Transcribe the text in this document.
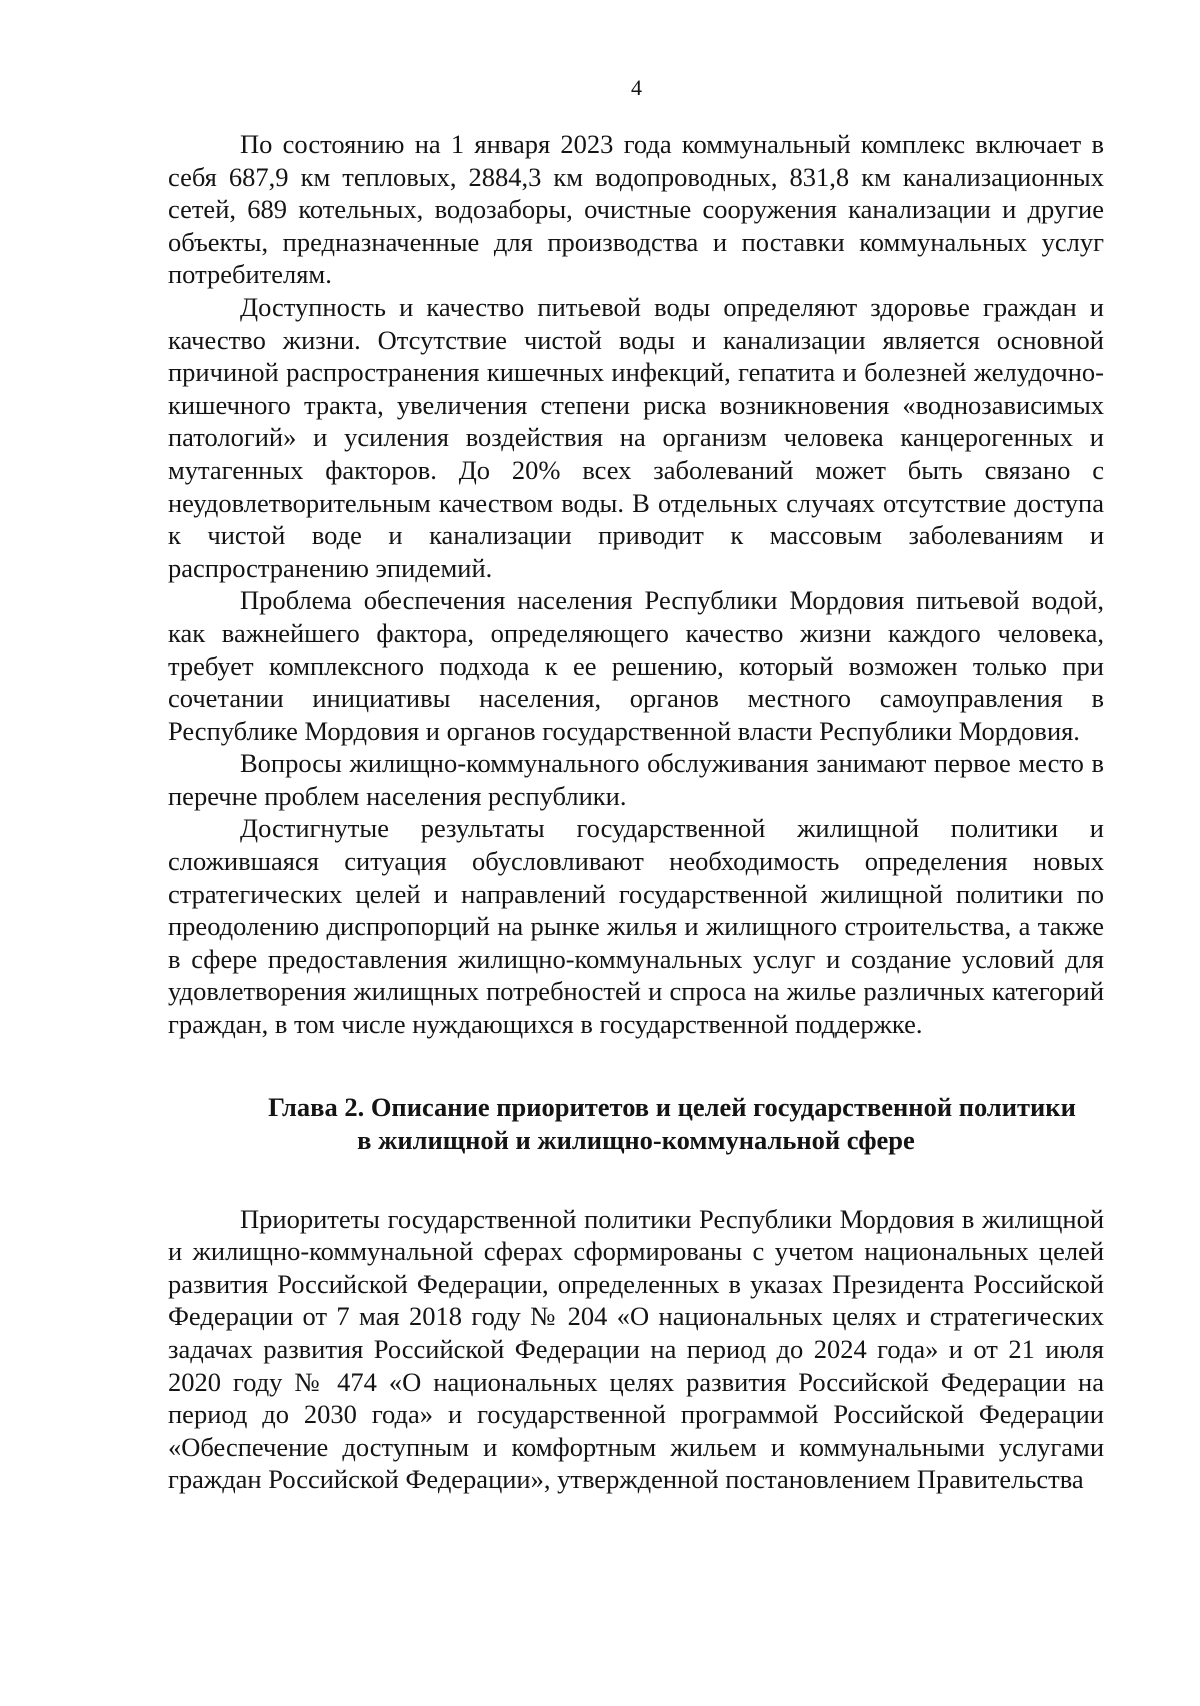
4

По состоянию на 1 января 2023 года коммунальный комплекс включает в себя 687,9 км тепловых, 2884,3 км водопроводных, 831,8 км канализационных сетей, 689 котельных, водозаборы, очистные сооружения канализации и другие объекты, предназначенные для производства и поставки коммунальных услуг потребителям.

Доступность и качество питьевой воды определяют здоровье граждан и качество жизни. Отсутствие чистой воды и канализации является основной причиной распространения кишечных инфекций, гепатита и болезней желудочно-кишечного тракта, увеличения степени риска возникновения «воднозависимых патологий» и усиления воздействия на организм человека канцерогенных и мутагенных факторов. До 20% всех заболеваний может быть связано с неудовлетворительным качеством воды. В отдельных случаях отсутствие доступа к чистой воде и канализации приводит к массовым заболеваниям и распространению эпидемий.

Проблема обеспечения населения Республики Мордовия питьевой водой, как важнейшего фактора, определяющего качество жизни каждого человека, требует комплексного подхода к ее решению, который возможен только при сочетании инициативы населения, органов местного самоуправления в Республике Мордовия и органов государственной власти Республики Мордовия.

Вопросы жилищно-коммунального обслуживания занимают первое место в перечне проблем населения республики.

Достигнутые результаты государственной жилищной политики и сложившаяся ситуация обусловливают необходимость определения новых стратегических целей и направлений государственной жилищной политики по преодолению диспропорций на рынке жилья и жилищного строительства, а также в сфере предоставления жилищно-коммунальных услуг и создание условий для удовлетворения жилищных потребностей и спроса на жилье различных категорий граждан, в том числе нуждающихся в государственной поддержке.

Глава 2. Описание приоритетов и целей государственной политики
в жилищной и жилищно-коммунальной сфере

Приоритеты государственной политики Республики Мордовия в жилищной и жилищно-коммунальной сферах сформированы с учетом национальных целей развития Российской Федерации, определенных в указах Президента Российской Федерации от 7 мая 2018 году № 204 «О национальных целях и стратегических задачах развития Российской Федерации на период до 2024 года» и от 21 июля 2020 году № 474 «О национальных целях развития Российской Федерации на период до 2030 года» и государственной программой Российской Федерации «Обеспечение доступным и комфортным жильем и коммунальными услугами граждан Российской Федерации», утвержденной постановлением Правительства
